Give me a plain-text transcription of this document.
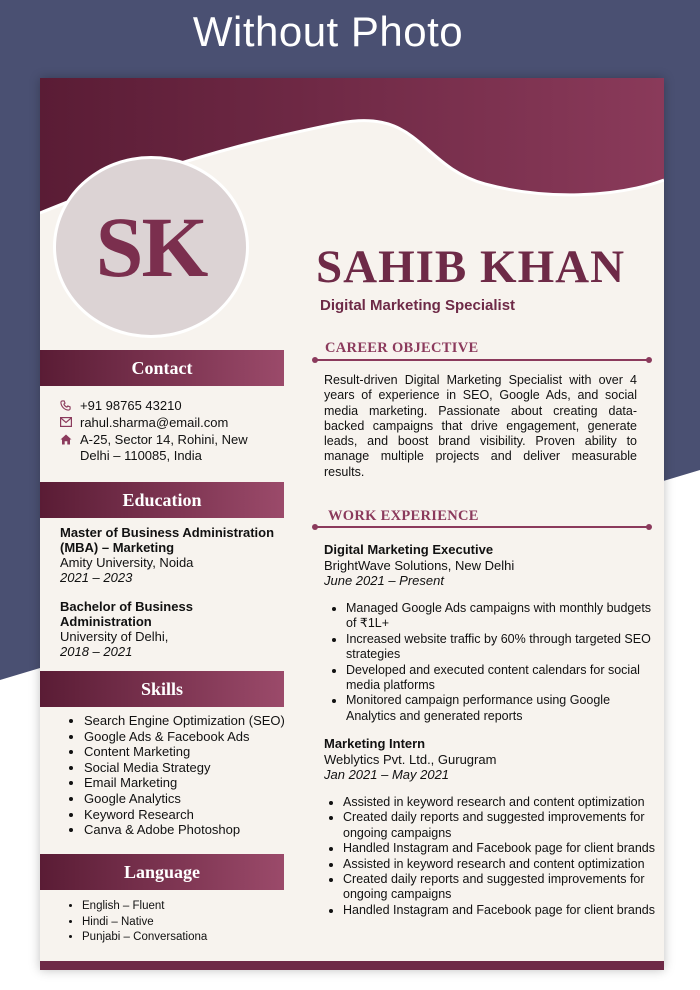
Without Photo
SK SAHIB KHAN
Digital Marketing Specialist
Contact
+91 98765 43210
rahul.sharma@email.com
A-25, Sector 14, Rohini, New Delhi – 110085, India
Education
Master of Business Administration (MBA) – Marketing
Amity University, Noida
2021 – 2023
Bachelor of Business Administration
University of Delhi,
2018 – 2021
Skills
• Search Engine Optimization (SEO)
• Google Ads & Facebook Ads
• Content Marketing
• Social Media Strategy
• Email Marketing
• Google Analytics
• Keyword Research
• Canva & Adobe Photoshop
Language
• English – Fluent
• Hindi – Native
• Punjabi – Conversationa
CAREER OBJECTIVE
Result-driven Digital Marketing Specialist with over 4 years of experience in SEO, Google Ads, and social media marketing. Passionate about creating data-backed campaigns that drive engagement, generate leads, and boost brand visibility. Proven ability to manage multiple projects and deliver measurable results.
WORK EXPERIENCE
Digital Marketing Executive
BrightWave Solutions, New Delhi
June 2021 – Present
• Managed Google Ads campaigns with monthly budgets of ₹1L+
• Increased website traffic by 60% through targeted SEO strategies
• Developed and executed content calendars for social media platforms
• Monitored campaign performance using Google Analytics and generated reports
Marketing Intern
Weblytics Pvt. Ltd., Gurugram
Jan 2021 – May 2021
• Assisted in keyword research and content optimization
• Created daily reports and suggested improvements for ongoing campaigns
• Handled Instagram and Facebook page for client brands
• Assisted in keyword research and content optimization
• Created daily reports and suggested improvements for ongoing campaigns
• Handled Instagram and Facebook page for client brands
